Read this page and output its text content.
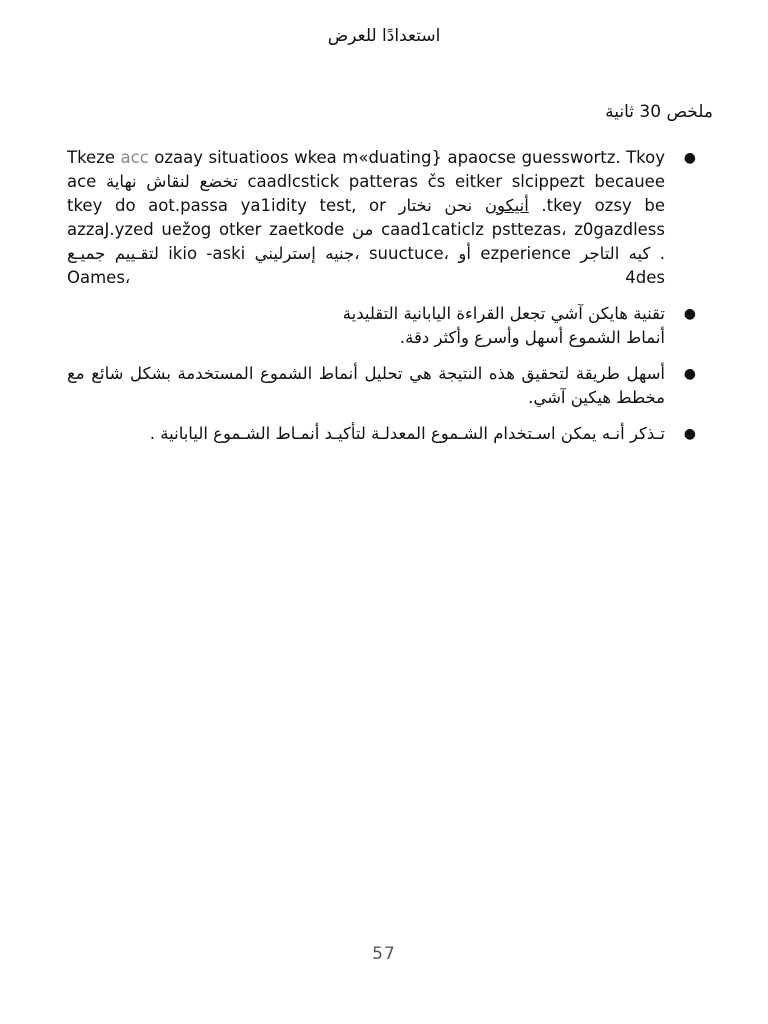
استعدادًا للعرض
ملخص 30 ثانية
●
Tkeze acc ozaay situatioos wkea m«duating} apaocse guesswortz. Tkoy ace تخضع لنقاش نهاية caadlcstick patteras čs eitker slcippezt becauee tkey do aot.passa ya1idity test, or	أنيكون نحن نختار .tkey ozsy be azzaJ.yzed uežog otker zaetkode من caad1caticlz psttezas، z0gazdless لتقـييم جميـع ikio -aski جنيه إسترليني، suuctuce، أو ezperience كيه التاجر . Oames، 4des
●
تقنية هايكن آشي تجعل القراءة اليابانية التقليدية
أنماط الشموع أسهل وأسرع وأكثر دقة.
●
أسهل طريقة لتحقيق هذه النتيجة هي تحليل أنماط الشموع المستخدمة بشكل شائع مع مخطط هيكين آشي.
●
تـذكر أنـه يمكن اسـتخدام الشـموع المعدلـة لتأكيـد أنمـاط الشـموع اليابانية .
57
